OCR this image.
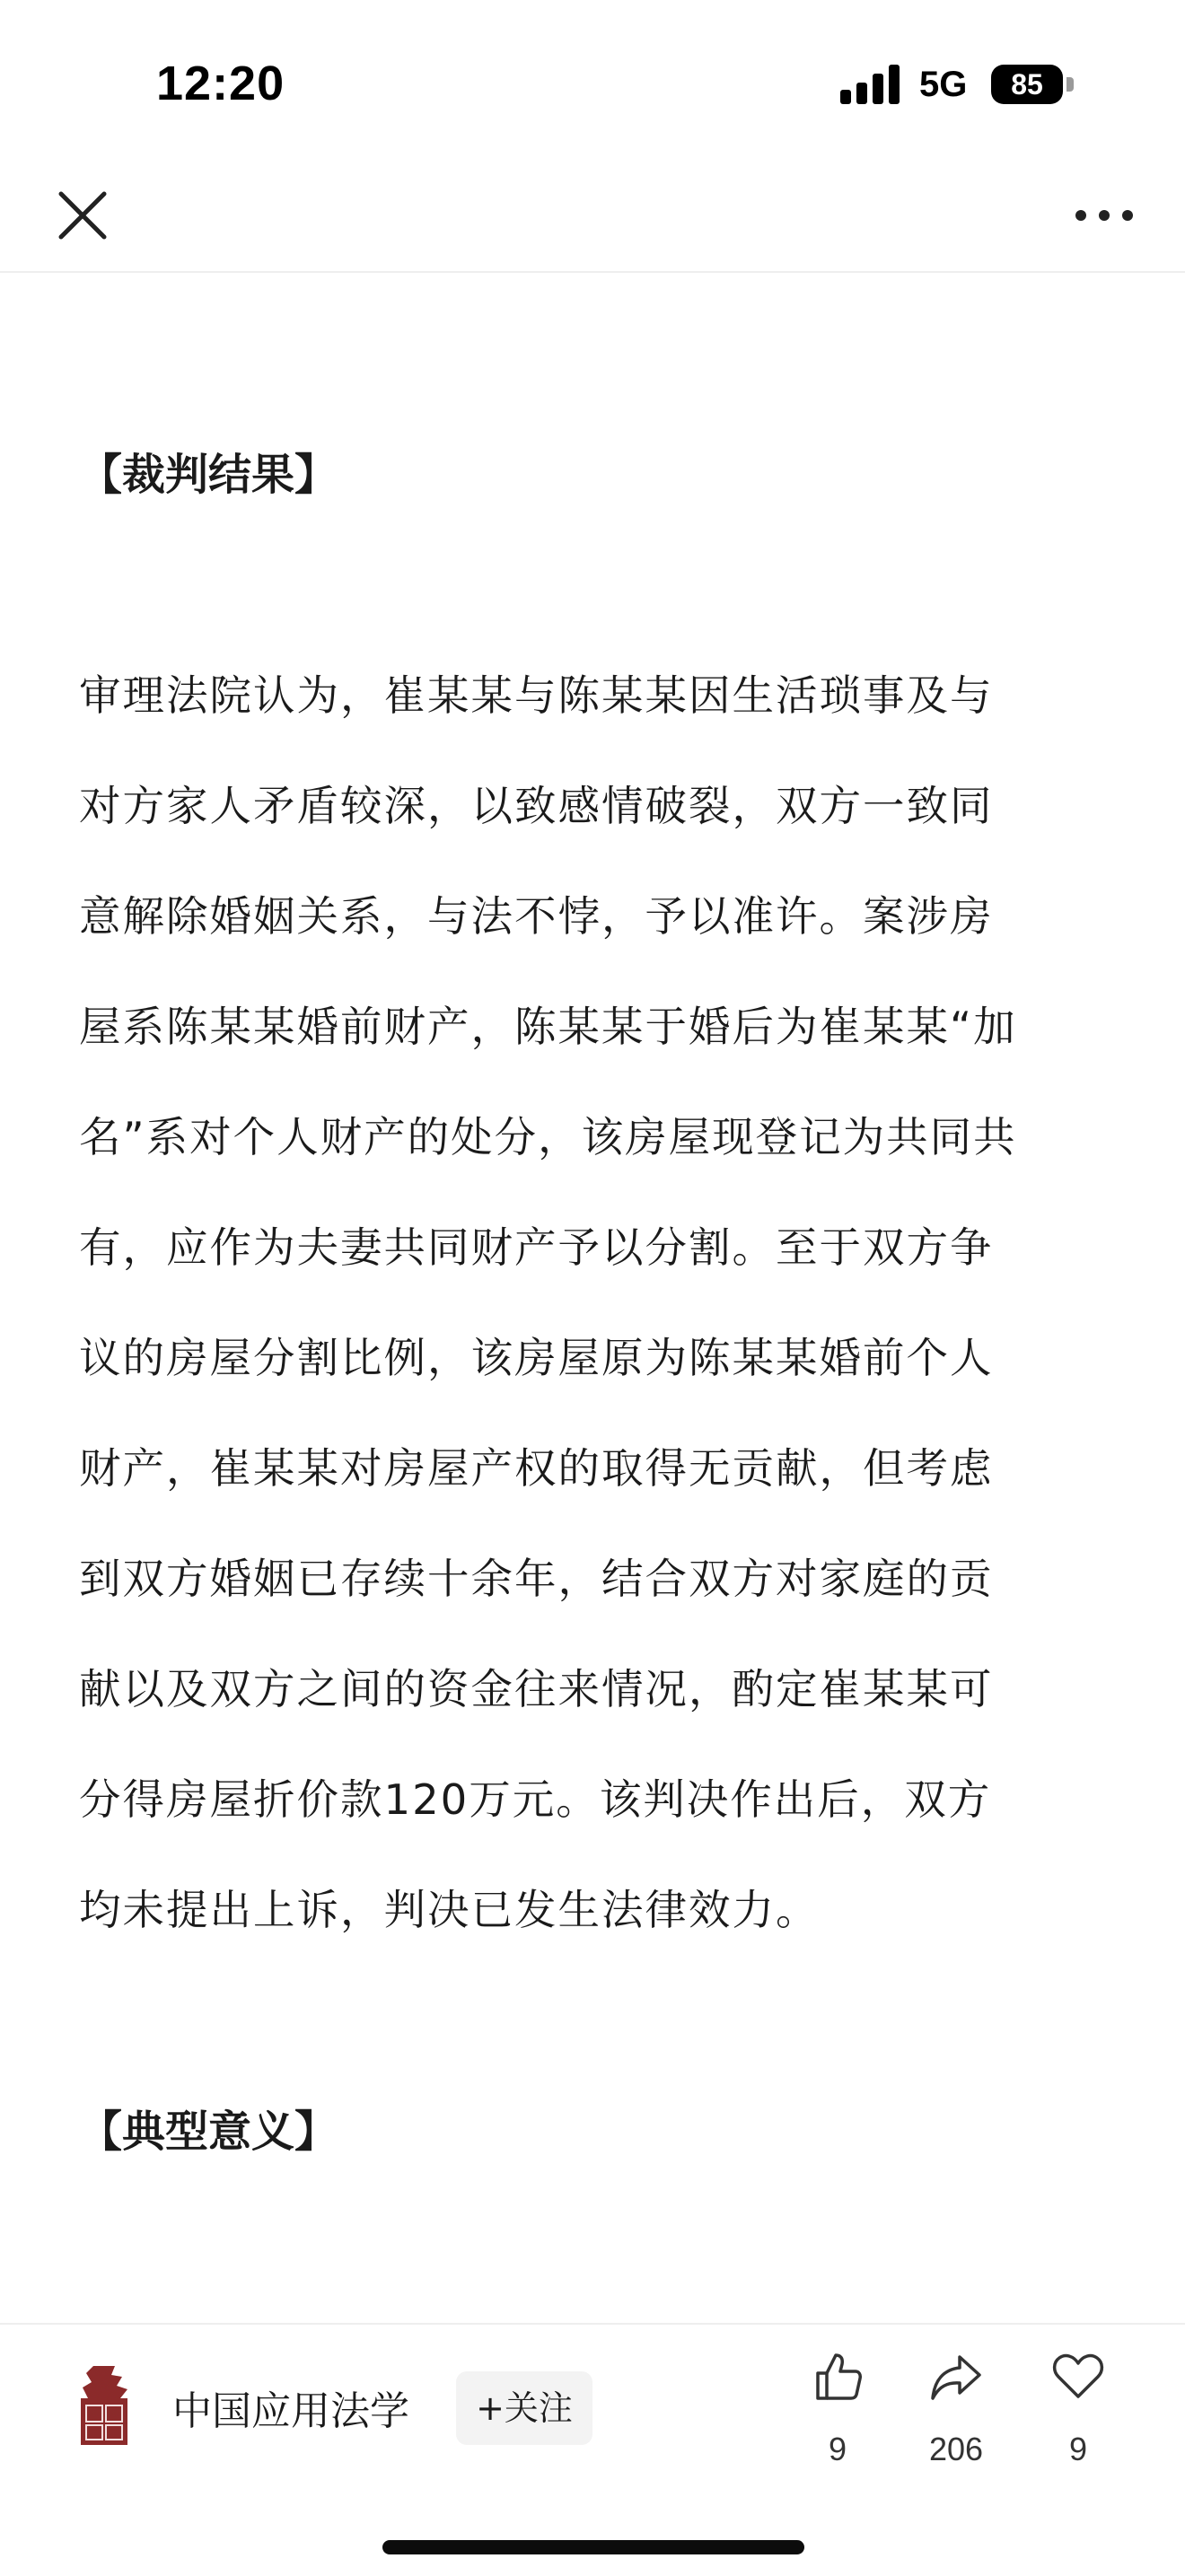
12:20	5G	85
【裁判结果】

审理法院认为，崔某某与陈某某因生活琐事及与
对方家人矛盾较深，以致感情破裂，双方一致同
意解除婚姻关系，与法不悖，予以准许。案涉房
屋系陈某某婚前财产，陈某某于婚后为崔某某“加
名”系对个人财产的处分，该房屋现登记为共同共
有，应作为夫妻共同财产予以分割。至于双方争
议的房屋分割比例，该房屋原为陈某某婚前个人
财产，崔某某对房屋产权的取得无贡献，但考虑
到双方婚姻已存续十余年，结合双方对家庭的贡
献以及双方之间的资金往来情况，酌定崔某某可
分得房屋折价款120万元。该判决作出后，双方
均未提出上诉，判决已发生法律效力。

【典型意义】
中国应用法学	+关注
9	206	9
